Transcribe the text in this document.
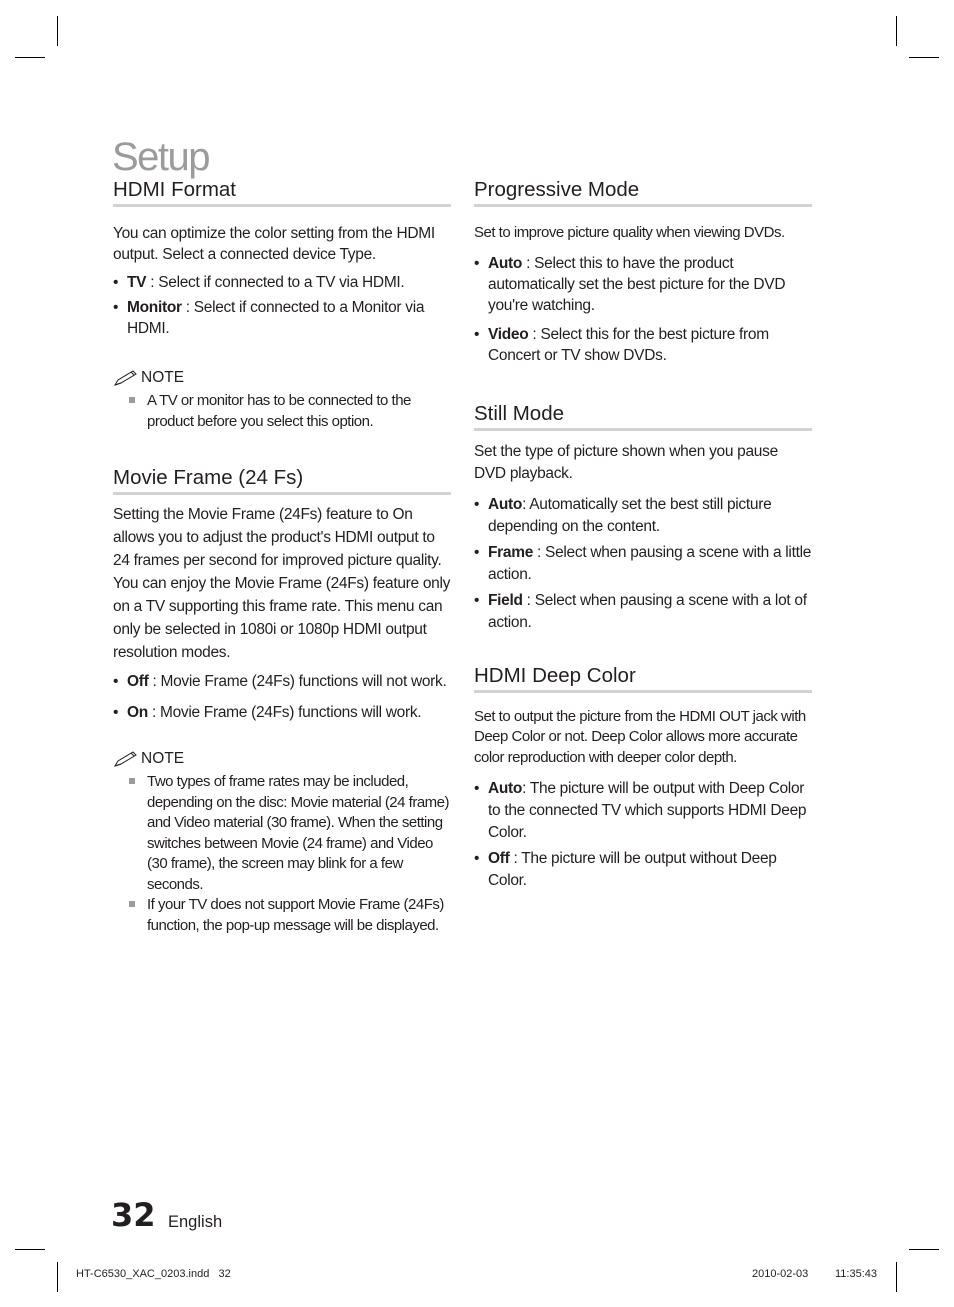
Setup
HDMI Format

You can optimize the color setting from the HDMI output. Select a connected device Type.

• TV : Select if connected to a TV via HDMI.
• Monitor : Select if connected to a Monitor via HDMI.
NOTE
A TV or monitor has to be connected to the product before you select this option.
Movie Frame (24 Fs)

Setting the Movie Frame (24Fs) feature to On allows you to adjust the product's HDMI output to 24 frames per second for improved picture quality. You can enjoy the Movie Frame (24Fs) feature only on a TV supporting this frame rate. This menu can only be selected in 1080i or 1080p HDMI output resolution modes.

• Off : Movie Frame (24Fs) functions will not work.
• On : Movie Frame (24Fs) functions will work.
NOTE
Two types of frame rates may be included, depending on the disc: Movie material (24 frame) and Video material (30 frame). When the setting switches between Movie (24 frame) and Video (30 frame), the screen may blink for a few seconds.
If your TV does not support Movie Frame (24Fs) function, the pop-up message will be displayed.
Progressive Mode

Set to improve picture quality when viewing DVDs.

• Auto : Select this to have the product automatically set the best picture for the DVD you're watching.
• Video : Select this for the best picture from Concert or TV show DVDs.
Still Mode

Set the type of picture shown when you pause DVD playback.

• Auto: Automatically set the best still picture depending on the content.
• Frame : Select when pausing a scene with a little action.
• Field : Select when pausing a scene with a lot of action.
HDMI Deep Color

Set to output the picture from the HDMI OUT jack with Deep Color or not. Deep Color allows more accurate color reproduction with deeper color depth.

• Auto: The picture will be output with Deep Color to the connected TV which supports HDMI Deep Color.
• Off : The picture will be output without Deep Color.
32 English
HT-C6530_XAC_0203.indd   32	2010-02-03 11:35:43
